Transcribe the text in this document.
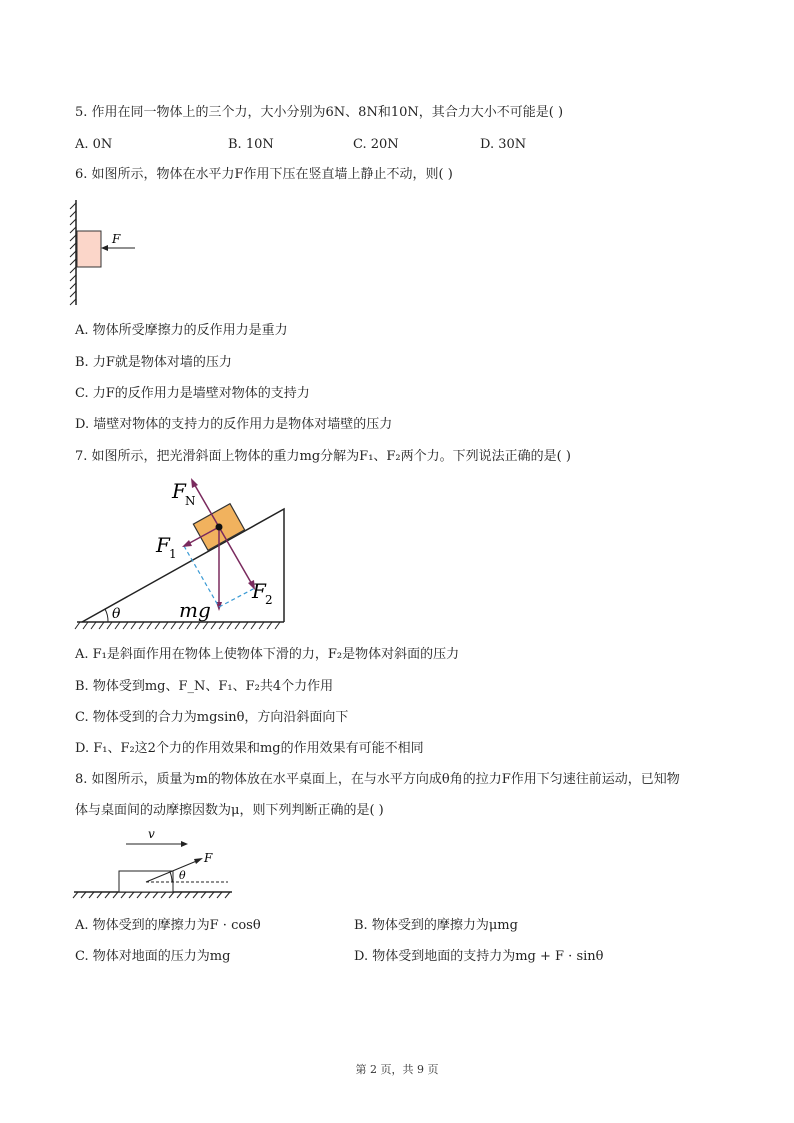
5. 作用在同一物体上的三个力，大小分别为6N、8N和10N，其合力大小不可能是( )
A. 0N	B. 10N	C. 20N	D. 30N
6. 如图所示，物体在水平力F作用下压在竖直墙上静止不动，则( )
F
A. 物体所受摩擦力的反作用力是重力
B. 力F就是物体对墙的压力
C. 力F的反作用力是墙壁对物体的支持力
D. 墙壁对物体的支持力的反作用力是物体对墙壁的压力
7. 如图所示，把光滑斜面上物体的重力mg分解为F₁、F₂两个力。下列说法正确的是( )
θ
F N
F 1
F 2
mg
A. F₁是斜面作用在物体上使物体下滑的力，F₂是物体对斜面的压力
B. 物体受到mg、F_N、F₁、F₂共4个力作用
C. 物体受到的合力为mgsinθ，方向沿斜面向下
D. F₁、F₂这2个力的作用效果和mg的作用效果有可能不相同
8. 如图所示，质量为m的物体放在水平桌面上，在与水平方向成θ角的拉力F作用下匀速往前运动，已知物
体与桌面间的动摩擦因数为μ，则下列判断正确的是( )
v
F
θ
A. 物体受到的摩擦力为F · cosθ	B. 物体受到的摩擦力为μmg
C. 物体对地面的压力为mg	D. 物体受到地面的支持力为mg + F · sinθ
第 2 页，共 9 页
